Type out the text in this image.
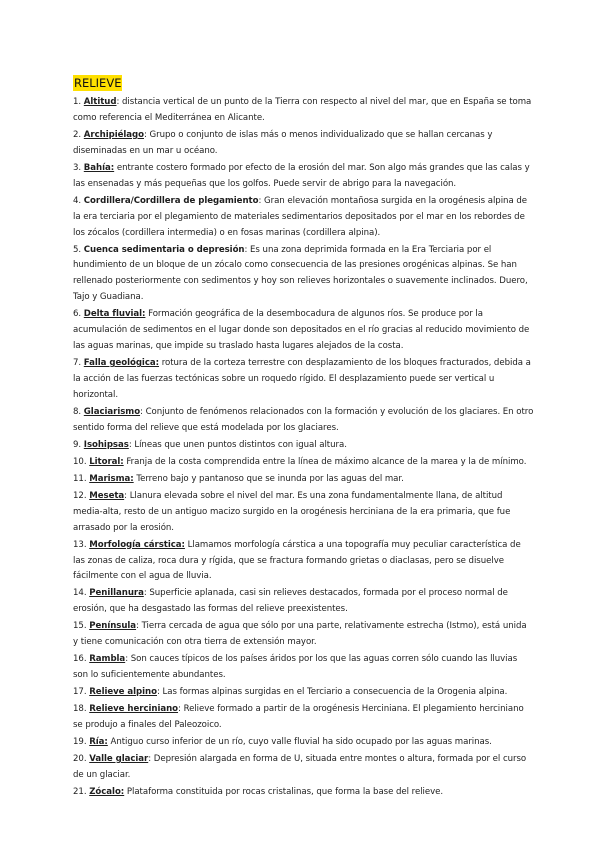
RELIEVE
1. Altitud: distancia vertical de un punto de la Tierra con respecto al nivel del mar, que en España se toma como referencia el Mediterránea en Alicante.
2. Archipiélago: Grupo o conjunto de islas más o menos individualizado que se hallan cercanas y diseminadas en un mar u océano.
3. Bahía: entrante costero formado por efecto de la erosión del mar. Son algo más grandes que las calas y las ensenadas y más pequeñas que los golfos. Puede servir de abrigo para la navegación.
4. Cordillera/Cordillera de plegamiento: Gran elevación montañosa surgida en la orogénesis alpina de la era terciaria por el plegamiento de materiales sedimentarios depositados por el mar en los rebordes de los zócalos (cordillera intermedia) o en fosas marinas (cordillera alpina).
5. Cuenca sedimentaria o depresión: Es una zona deprimida formada en la Era Terciaria por el hundimiento de un bloque de un zócalo como consecuencia de las presiones orogénicas alpinas. Se han rellenado posteriormente con sedimentos y hoy son relieves horizontales o suavemente inclinados. Duero, Tajo y Guadiana.
6. Delta fluvial: Formación geográfica de la desembocadura de algunos ríos. Se produce por la acumulación de sedimentos en el lugar donde son depositados en el río gracias al reducido movimiento de las aguas marinas, que impide su traslado hasta lugares alejados de la costa.
7. Falla geológica: rotura de la corteza terrestre con desplazamiento de los bloques fracturados, debida a la acción de las fuerzas tectónicas sobre un roquedo rígido. El desplazamiento puede ser vertical u horizontal.
8. Glaciarismo: Conjunto de fenómenos relacionados con la formación y evolución de los glaciares. En otro sentido forma del relieve que está modelada por los glaciares.
9. Isohipsas: Líneas que unen puntos distintos con igual altura.
10. Litoral: Franja de la costa comprendida entre la línea de máximo alcance de la marea y la de mínimo.
11. Marisma: Terreno bajo y pantanoso que se inunda por las aguas del mar.
12. Meseta: Llanura elevada sobre el nivel del mar. Es una zona fundamentalmente llana, de altitud media-alta, resto de un antiguo macizo surgido en la orogénesis herciniana de la era primaria, que fue arrasado por la erosión.
13. Morfología cárstica: Llamamos morfología cárstica a una topografía muy peculiar característica de las zonas de caliza, roca dura y rígida, que se fractura formando grietas o diaclasas, pero se disuelve fácilmente con el agua de lluvia.
14. Penillanura: Superficie aplanada, casi sin relieves destacados, formada por el proceso normal de erosión, que ha desgastado las formas del relieve preexistentes.
15. Península: Tierra cercada de agua que sólo por una parte, relativamente estrecha (Istmo), está unida y tiene comunicación con otra tierra de extensión mayor.
16. Rambla: Son cauces típicos de los países áridos por los que las aguas corren sólo cuando las lluvias son lo suficientemente abundantes.
17. Relieve alpino: Las formas alpinas surgidas en el Terciario a consecuencia de la Orogenia alpina.
18. Relieve herciniano: Relieve formado a partir de la orogénesis Herciniana. El plegamiento herciniano se produjo a finales del Paleozoico.
19. Ría: Antiguo curso inferior de un río, cuyo valle fluvial ha sido ocupado por las aguas marinas.
20. Valle glaciar: Depresión alargada en forma de U, situada entre montes o altura, formada por el curso de un glaciar.
21. Zócalo: Plataforma constituida por rocas cristalinas, que forma la base del relieve.
